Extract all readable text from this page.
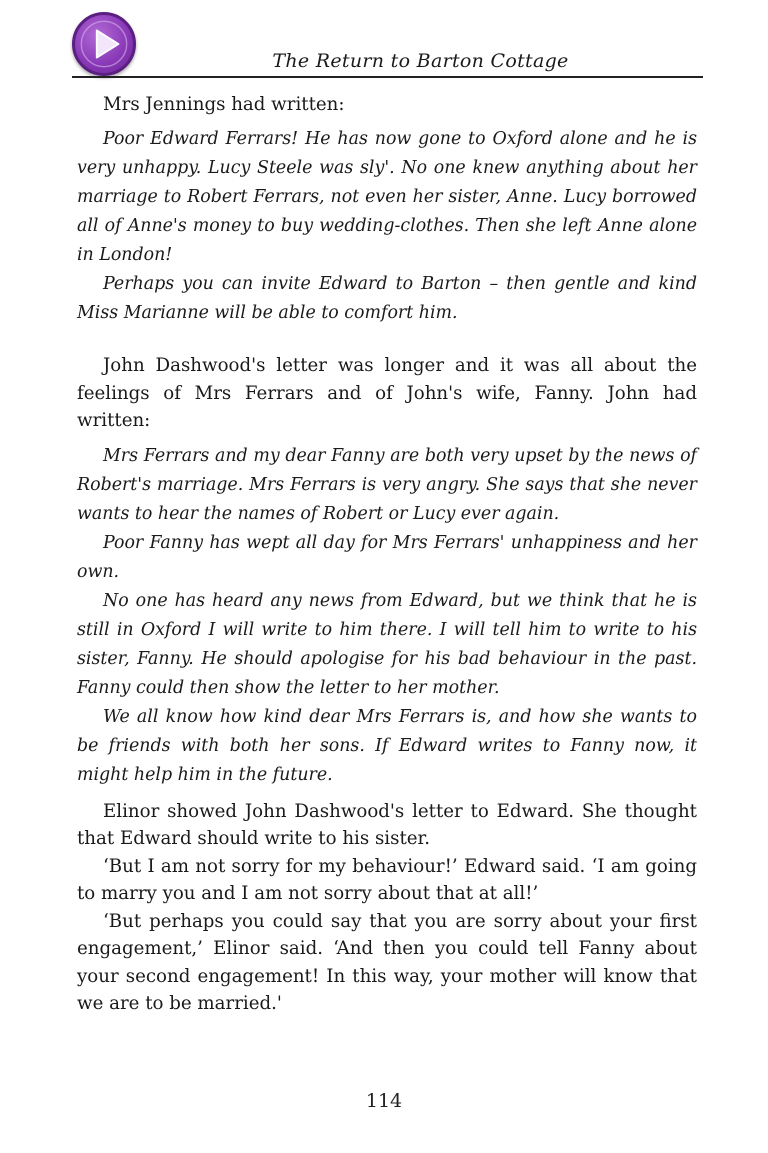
The Return to Barton Cottage

Mrs Jennings had written:

Poor Edward Ferrars! He has now gone to Oxford alone and he is very unhappy. Lucy Steele was sly'. No one knew anything about her marriage to Robert Ferrars, not even her sister, Anne. Lucy borrowed all of Anne's money to buy wedding-clothes. Then she left Anne alone in London!

Perhaps you can invite Edward to Barton – then gentle and kind Miss Marianne will be able to comfort him.

John Dashwood's letter was longer and it was all about the feelings of Mrs Ferrars and of John's wife, Fanny. John had written:

Mrs Ferrars and my dear Fanny are both very upset by the news of Robert's marriage. Mrs Ferrars is very angry. She says that she never wants to hear the names of Robert or Lucy ever again.

Poor Fanny has wept all day for Mrs Ferrars' unhappiness and her own.

No one has heard any news from Edward, but we think that he is still in Oxford I will write to him there. I will tell him to write to his sister, Fanny. He should apologise for his bad behaviour in the past. Fanny could then show the letter to her mother.

We all know how kind dear Mrs Ferrars is, and how she wants to be friends with both her sons. If Edward writes to Fanny now, it might help him in the future.

Elinor showed John Dashwood's letter to Edward. She thought that Edward should write to his sister.

‘But I am not sorry for my behaviour!’ Edward said. ‘I am going to marry you and I am not sorry about that at all!’

‘But perhaps you could say that you are sorry about your first engagement,’ Elinor said. ‘And then you could tell Fanny about your second engagement! In this way, your mother will know that we are to be married.'

114
